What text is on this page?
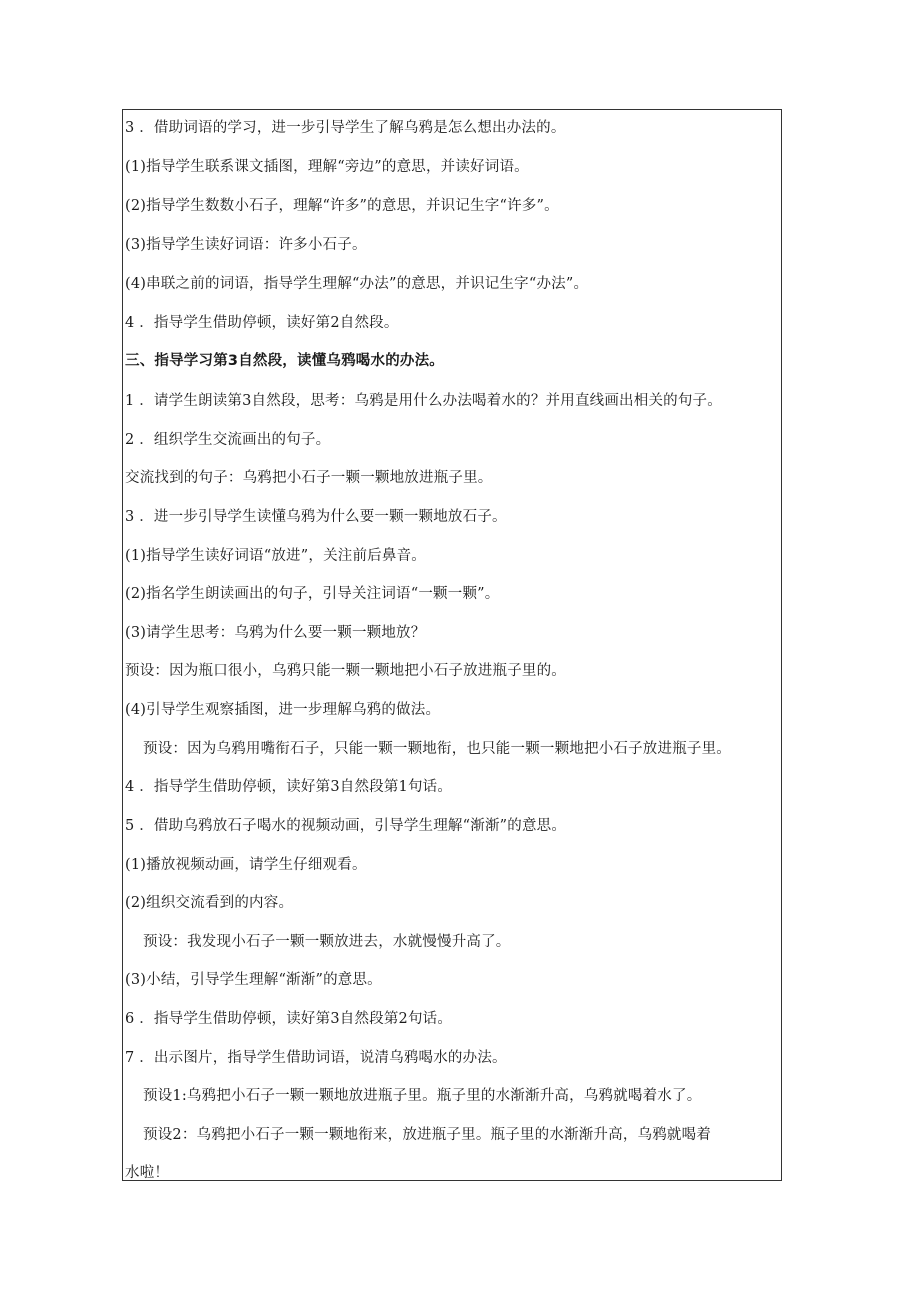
3 ．借助词语的学习，进一步引导学生了解乌鸦是怎么想出办法的。
(1)指导学生联系课文插图，理解“旁边”的意思，并读好词语。
(2)指导学生数数小石子，理解“许多”的意思，并识记生字“许多”。
(3)指导学生读好词语：许多小石子。
(4)串联之前的词语，指导学生理解“办法”的意思，并识记生字“办法”。
4 ．指导学生借助停顿，读好第2自然段。
三、指导学习第3自然段，读懂乌鸦喝水的办法。
1 ．请学生朗读第3自然段，思考：乌鸦是用什么办法喝着水的？并用直线画出相关的句子。
2 ．组织学生交流画出的句子。
交流找到的句子：乌鸦把小石子一颗一颗地放进瓶子里。
3 ．进一步引导学生读懂乌鸦为什么要一颗一颗地放石子。
(1)指导学生读好词语“放进”，关注前后鼻音。
(2)指名学生朗读画出的句子，引导关注词语“一颗一颗”。
(3)请学生思考：乌鸦为什么要一颗一颗地放？
预设：因为瓶口很小，乌鸦只能一颗一颗地把小石子放进瓶子里的。
(4)引导学生观察插图，进一步理解乌鸦的做法。
预设：因为乌鸦用嘴衔石子，只能一颗一颗地衔，也只能一颗一颗地把小石子放进瓶子里。
4 ．指导学生借助停顿，读好第3自然段第1句话。
5 ．借助乌鸦放石子喝水的视频动画，引导学生理解“渐渐”的意思。
(1)播放视频动画，请学生仔细观看。
(2)组织交流看到的内容。
预设：我发现小石子一颗一颗放进去，水就慢慢升高了。
(3)小结，引导学生理解“渐渐”的意思。
6 ．指导学生借助停顿，读好第3自然段第2句话。
7 ．出示图片，指导学生借助词语，说清乌鸦喝水的办法。
预设1:乌鸦把小石子一颗一颗地放进瓶子里。瓶子里的水渐渐升高，乌鸦就喝着水了。
预设2：乌鸦把小石子一颗一颗地衔来，放进瓶子里。瓶子里的水渐渐升高，乌鸦就喝着
水啦！
